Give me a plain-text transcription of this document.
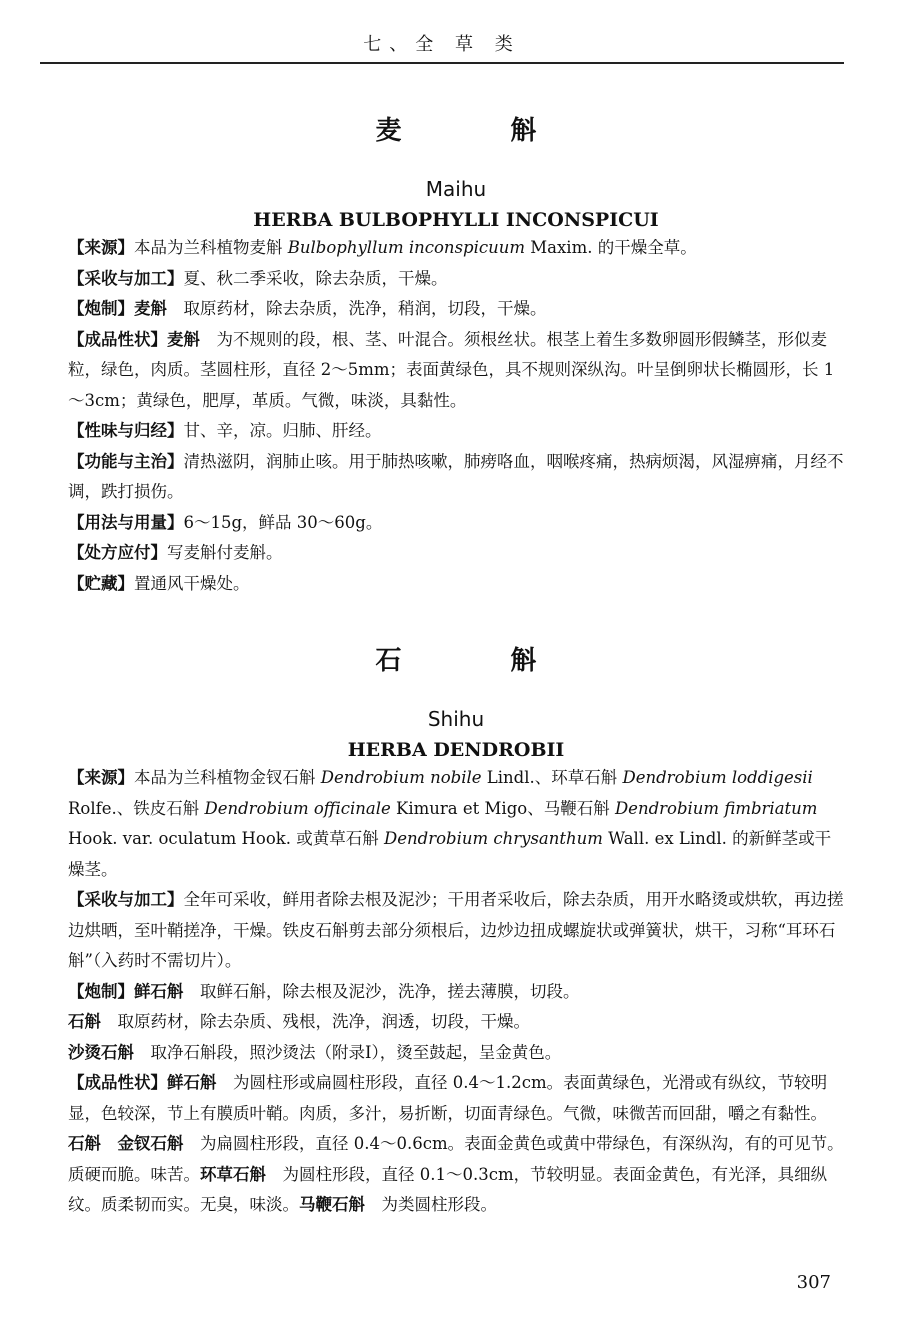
七、全 草 类
麦 斛
Maihu
HERBA BULBOPHYLLI INCONSPICUI

【来源】本品为兰科植物麦斛 Bulbophyllum inconspicuum Maxim. 的干燥全草。

【采收与加工】夏、秋二季采收，除去杂质，干燥。

【炮制】麦斛　取原药材，除去杂质，洗净，稍润，切段，干燥。

【成品性状】麦斛　为不规则的段，根、茎、叶混合。须根丝状。根茎上着生多数卵圆形假鳞茎，形似麦粒，绿色，肉质。茎圆柱形，直径 2～5mm；表面黄绿色，具不规则深纵沟。叶呈倒卵状长椭圆形，长 1～3cm；黄绿色，肥厚，革质。气微，味淡，具黏性。

【性味与归经】甘、辛，凉。归肺、肝经。

【功能与主治】清热滋阴，润肺止咳。用于肺热咳嗽，肺痨咯血，咽喉疼痛，热病烦渴，风湿痹痛，月经不调，跌打损伤。

【用法与用量】6～15g，鲜品 30～60g。

【处方应付】写麦斛付麦斛。

【贮藏】置通风干燥处。

石 斛
Shihu
HERBA DENDROBII

【来源】本品为兰科植物金钗石斛 Dendrobium nobile Lindl.、环草石斛 Dendrobium loddigesii Rolfe.、铁皮石斛 Dendrobium officinale Kimura et Migo、马鞭石斛 Dendrobium fimbriatum Hook. var. oculatum Hook. 或黄草石斛 Dendrobium chrysanthum Wall. ex Lindl. 的新鲜茎或干燥茎。

【采收与加工】全年可采收，鲜用者除去根及泥沙；干用者采收后，除去杂质，用开水略烫或烘软，再边搓边烘晒，至叶鞘搓净，干燥。铁皮石斛剪去部分须根后，边炒边扭成螺旋状或弹簧状，烘干，习称“耳环石斛”（入药时不需切片）。

【炮制】鲜石斛　取鲜石斛，除去根及泥沙，洗净，搓去薄膜，切段。

石斛　取原药材，除去杂质、残根，洗净，润透，切段，干燥。

沙烫石斛　取净石斛段，照沙烫法（附录Ⅰ），烫至鼓起，呈金黄色。

【成品性状】鲜石斛　为圆柱形或扁圆柱形段，直径 0.4～1.2cm。表面黄绿色，光滑或有纵纹，节较明显，色较深，节上有膜质叶鞘。肉质，多汁，易折断，切面青绿色。气微，味微苦而回甜，嚼之有黏性。

石斛　 金钗石斛　为扁圆柱形段，直径 0.4～0.6cm。表面金黄色或黄中带绿色，有深纵沟，有的可见节。质硬而脆。味苦。环草石斛　为圆柱形段，直径 0.1～0.3cm，节较明显。表面金黄色，有光泽，具细纵纹。质柔韧而实。无臭，味淡。马鞭石斛　为类圆柱形段。

307
